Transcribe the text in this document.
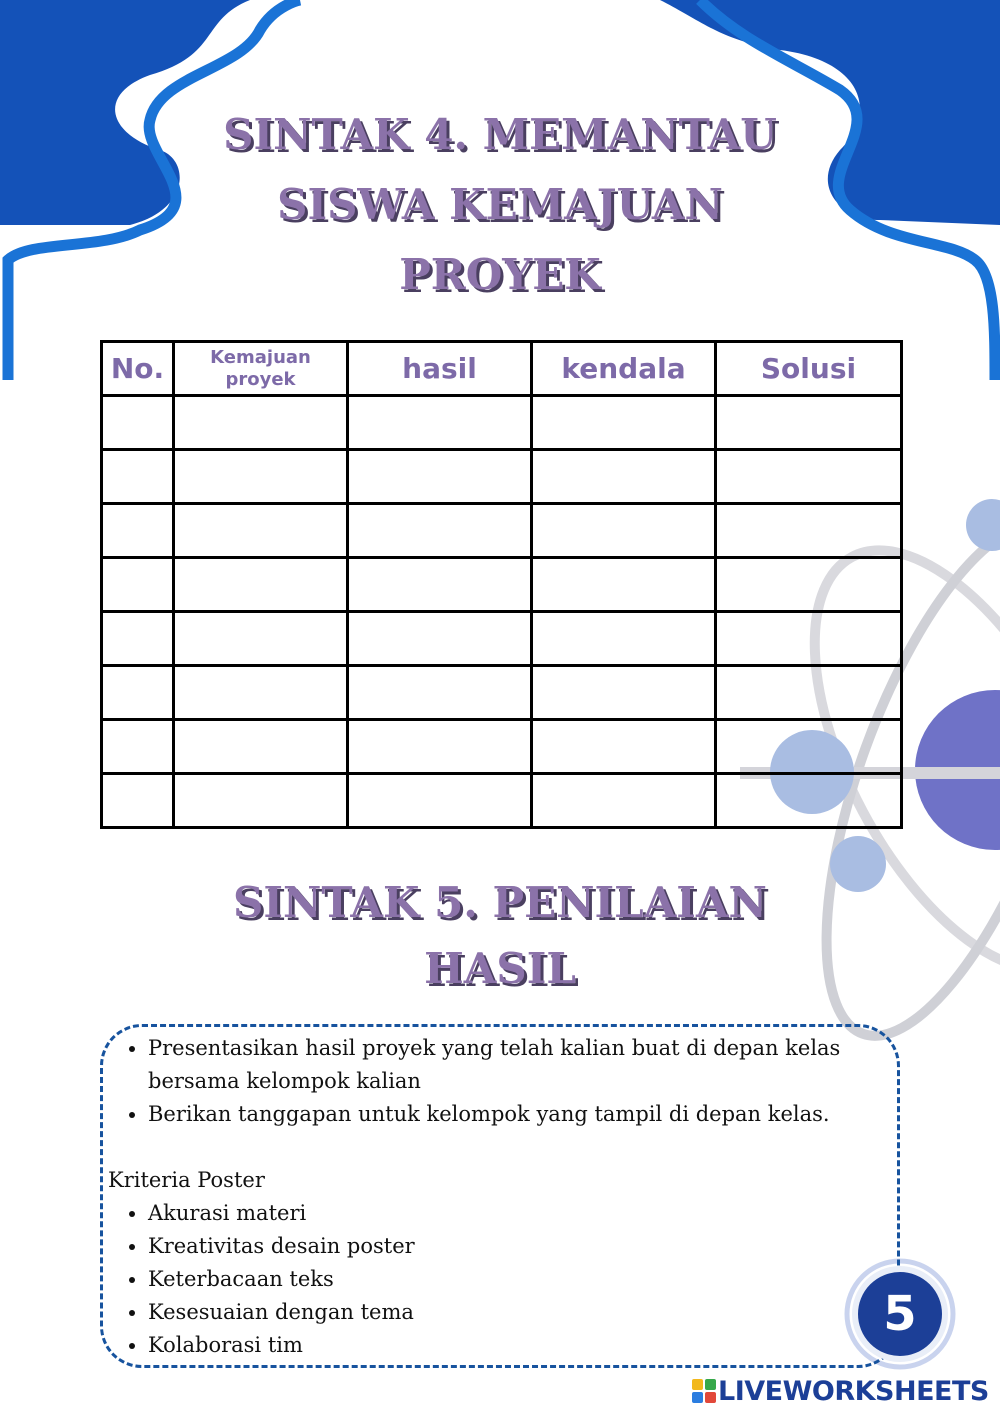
SINTAK 4. MEMANTAU
SISWA KEMAJUAN
PROYEK
No.	Kemajuan proyek	hasil	kendala	Solusi

SINTAK 5. PENILAIAN
HASIL
• Presentasikan hasil proyek yang telah kalian buat di depan kelas bersama kelompok kalian
• Berikan tanggapan untuk kelompok yang tampil di depan kelas.

Kriteria Poster

• Akurasi materi
• Kreativitas desain poster
• Keterbacaan teks
• Kesesuaian dengan tema
• Kolaborasi tim
5
LIVEWORKSHEETS
